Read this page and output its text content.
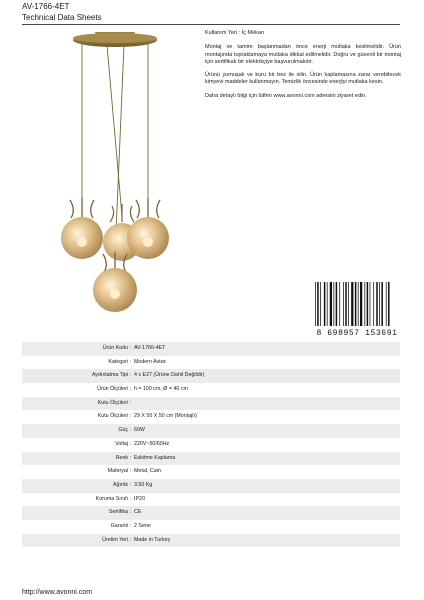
AV-1766-4ET
Technical Data Sheets

Kullanım Yeri : İç Mekan

Montaj ve tamire başlanmadan önce enerji mutlaka kesilmelidir. Ürün montajında topraklamaya mutlaka dikkat edilmelidir. Doğru ve güvenli bir montaj için sertifikalı bir elektrikçiye başvurulmalıdır.

Ürünü yumuşak ve kuru bir bez ile silin. Ürün kaplamasına zarar verebilecek kimyevi maddeler kullanmayın. Temizlik öncesinde enerjiyi mutlaka kesin.

Daha detaylı bilgi için lütfen www.avonni.com adresini ziyaret edin.

8 698957 153691
Ürün Kodu : AV-1766-4ET
Kategori : Modern Avize
Aydınlatma Tipi : 4 x E27 (Ürüne Dahil Değildir)
Ürün Ölçüleri : h = 100 cm, Ø = 40 cm
Kutu Ölçüleri :
Kutu Ölçüleri : 29 X 50 X 50 cm (Montajlı)
Güç : 60W
Voltaj : 220V~50/60Hz
Renk : Eskitme Kaplama
Materyal : Metal, Cam
Ağırlık : 3.50 Kg
Koruma Sınıfı : IP20
Sertifika : CE
Garanti : 2 Sene
Üretim Yeri : Made in Turkey
http://www.avonni.com
